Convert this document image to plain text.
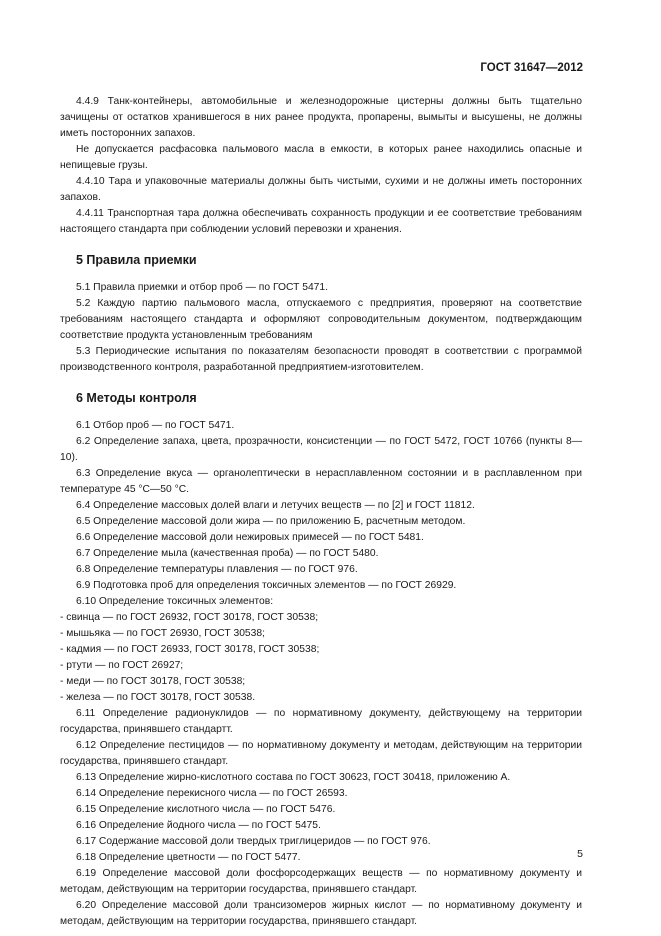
ГОСТ 31647—2012

4.4.9 Танк-контейнеры, автомобильные и железнодорожные цистерны должны быть тщательно зачищены от остатков хранившегося в них ранее продукта, пропарены, вымыты и высушены, не должны иметь посторонних запахов.

Не допускается расфасовка пальмового масла в емкости, в которых ранее находились опасные и непищевые грузы.

4.4.10 Тара и упаковочные материалы должны быть чистыми, сухими и не должны иметь посторонних запахов.

4.4.11 Транспортная тара должна обеспечивать сохранность продукции и ее соответствие требованиям настоящего стандарта при соблюдении условий перевозки и хранения.

5 Правила приемки

5.1 Правила приемки и отбор проб — по ГОСТ 5471.

5.2 Каждую партию пальмового масла, отпускаемого с предприятия, проверяют на соответствие требованиям настоящего стандарта и оформляют сопроводительным документом, подтверждающим соответствие продукта установленным требованиям

5.3 Периодические испытания по показателям безопасности проводят в соответствии с программой производственного контроля, разработанной предприятием-изготовителем.

6 Методы контроля

6.1 Отбор проб — по ГОСТ 5471.

6.2 Определение запаха, цвета, прозрачности, консистенции — по ГОСТ 5472, ГОСТ 10766 (пункты 8—10).

6.3 Определение вкуса — органолептически в нерасплавленном состоянии и в расплавленном при температуре 45 °С—50 °С.

6.4 Определение массовых долей влаги и летучих веществ — по [2] и ГОСТ 11812.

6.5 Определение массовой доли жира — по приложению Б, расчетным методом.

6.6 Определение массовой доли нежировых примесей — по ГОСТ 5481.

6.7 Определение мыла (качественная проба) — по ГОСТ 5480.

6.8 Определение температуры плавления — по ГОСТ 976.

6.9 Подготовка проб для определения токсичных элементов — по ГОСТ 26929.

6.10 Определение токсичных элементов:

- свинца — по ГОСТ 26932, ГОСТ 30178, ГОСТ 30538;

- мышьяка — по ГОСТ 26930, ГОСТ 30538;

- кадмия — по ГОСТ 26933, ГОСТ 30178, ГОСТ 30538;

- ртути — по ГОСТ 26927;

- меди — по ГОСТ 30178, ГОСТ 30538;

- железа — по ГОСТ 30178, ГОСТ 30538.

6.11 Определение радионуклидов — по нормативному документу, действующему на территории государства, принявшего стандартт.

6.12 Определение пестицидов — по нормативному документу и методам, действующим на территории государства, принявшего стандарт.

6.13 Определение жирно-кислотного состава по ГОСТ 30623, ГОСТ 30418, приложению А.

6.14 Определение перекисного числа — по ГОСТ 26593.

6.15 Определение кислотного числа — по ГОСТ 5476.

6.16 Определение йодного числа — по ГОСТ 5475.

6.17 Содержание массовой доли твердых триглицеридов — по ГОСТ 976.

6.18 Определение цветности — по ГОСТ 5477.

6.19 Определение массовой доли фосфорсодержащих веществ — по нормативному документу и методам, действующим на территории государства, принявшего стандарт.

6.20 Определение массовой доли трансизомеров жирных кислот — по нормативному документу и методам, действующим на территории государства, принявшего стандарт.

5
